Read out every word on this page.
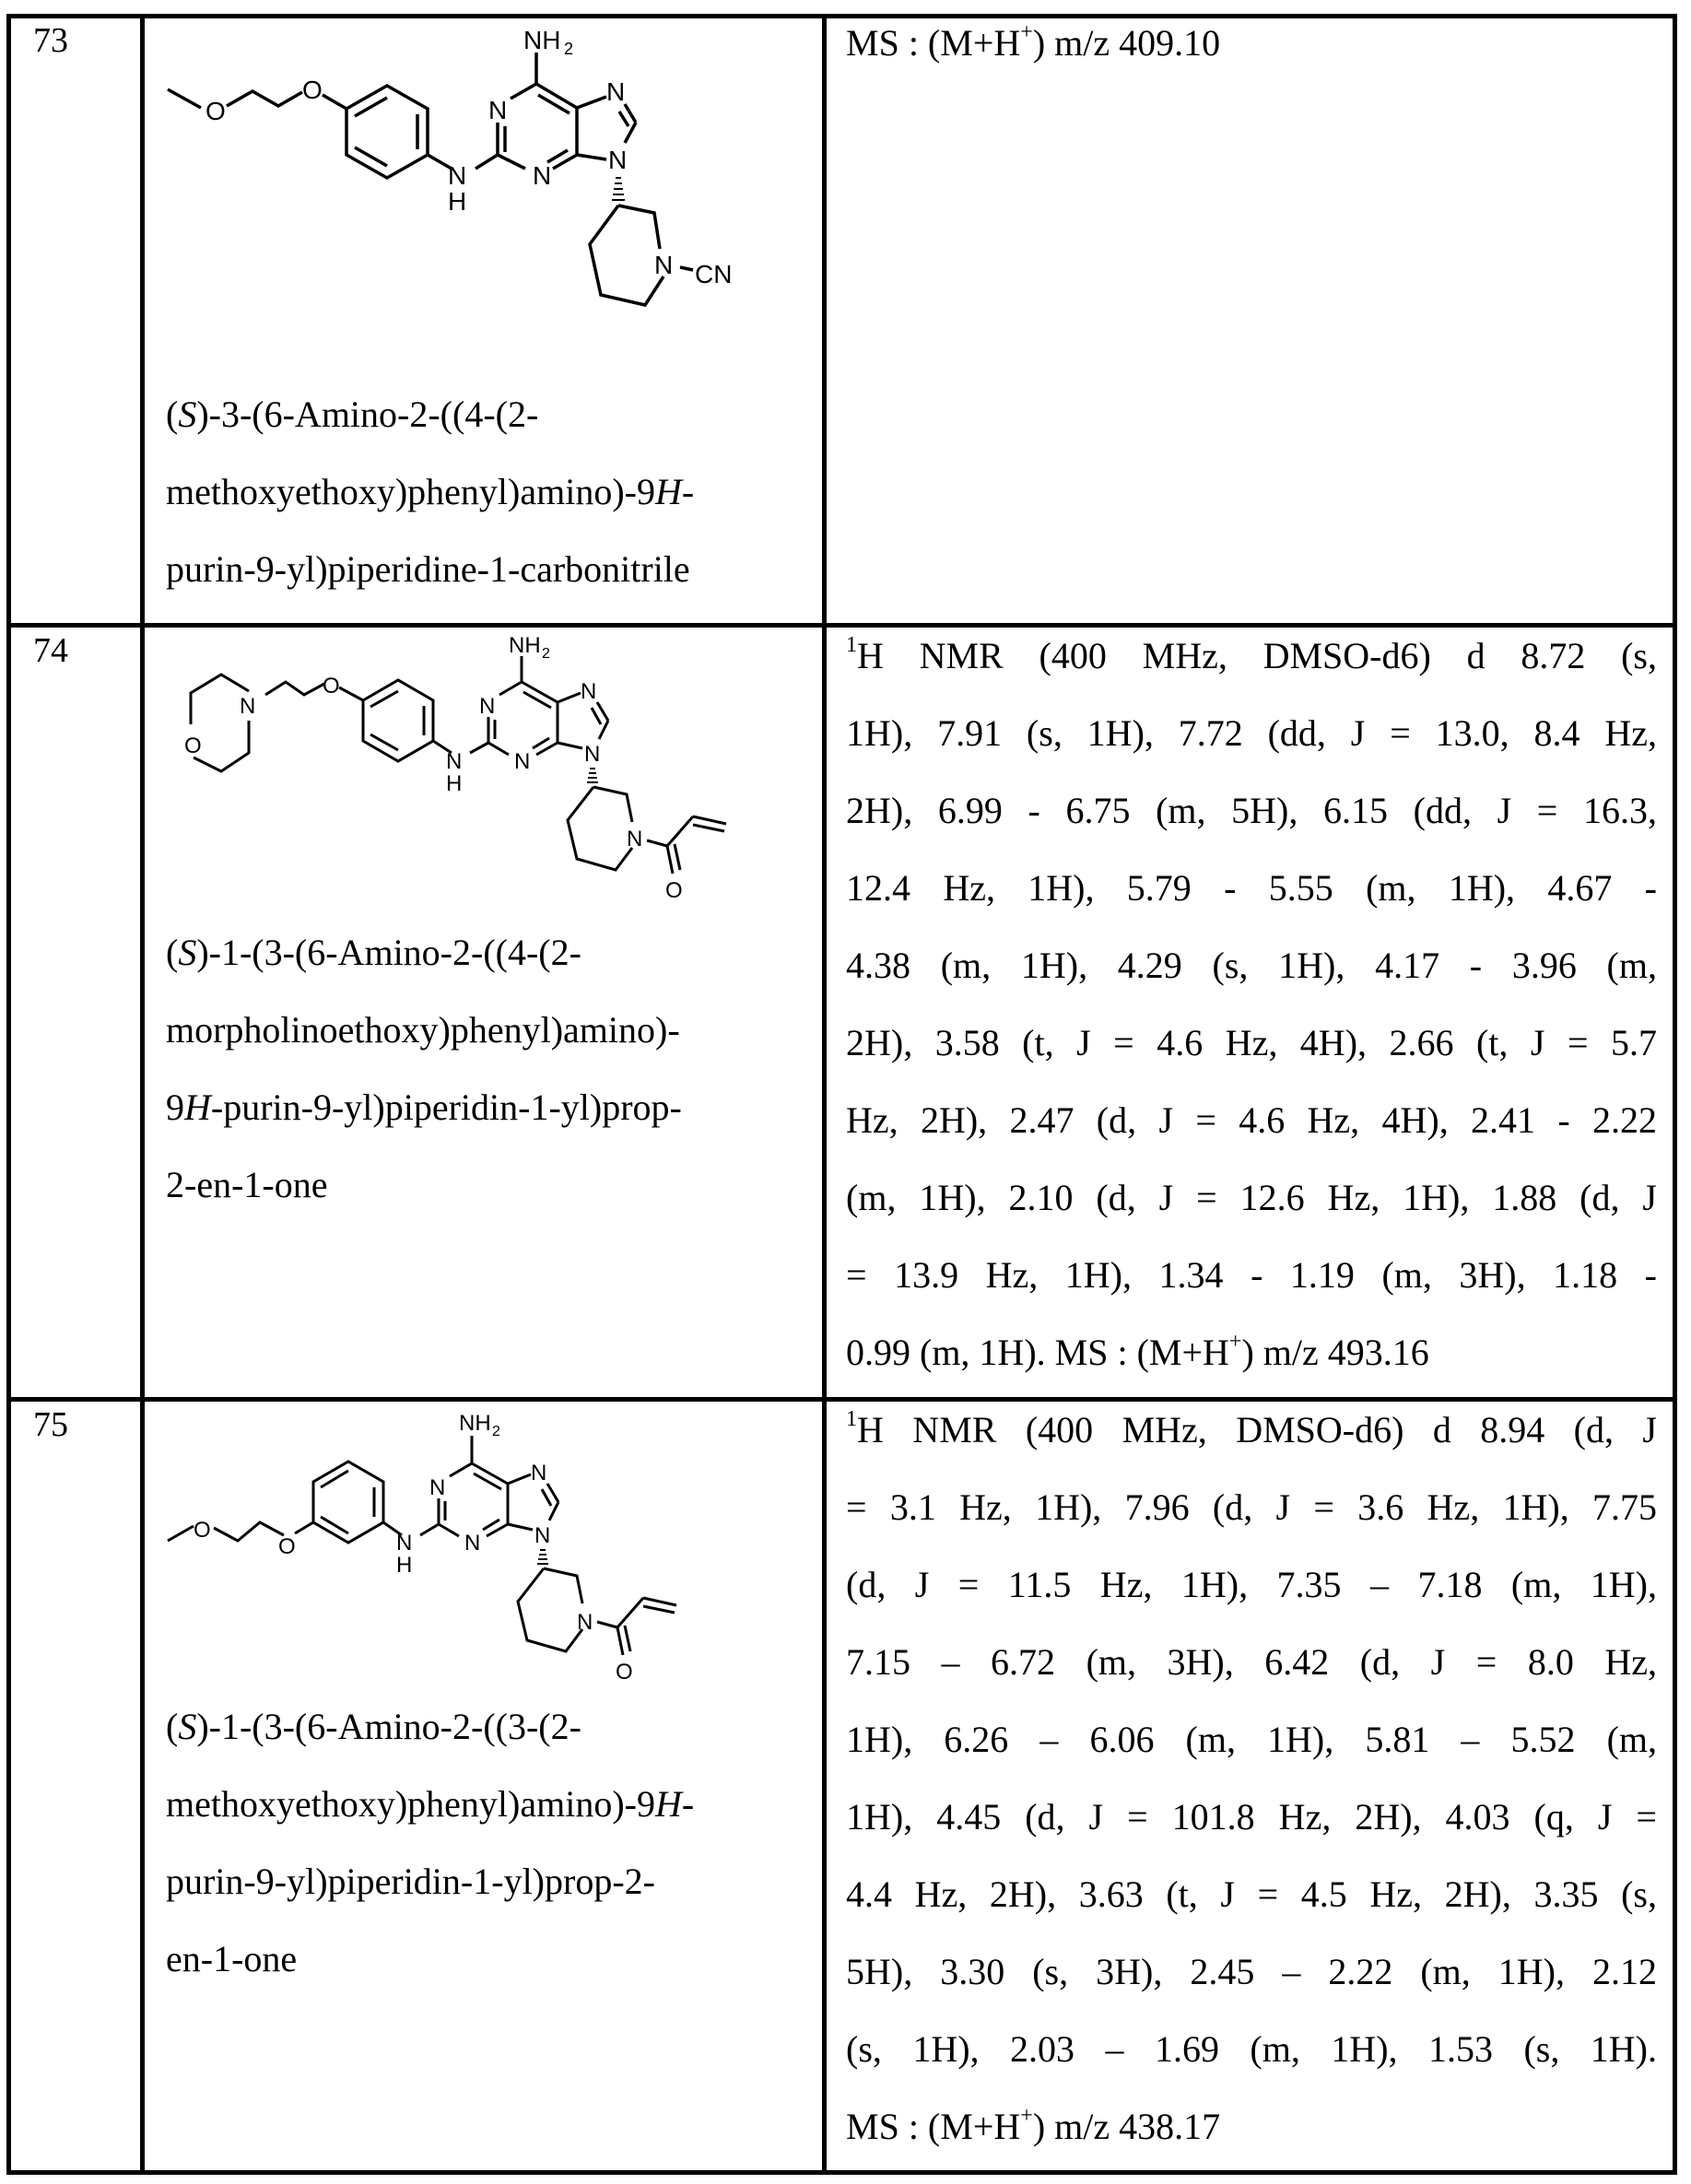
73
O
O
N
H
N
N
NH 2
N
N
N CN
(S)-3-(6-Amino-2-((4-(2-
methoxyethoxy)phenyl)amino)-9H-
purin-9-yl)piperidine-1-carbonitrile
MS : (M+H+) m/z 409.10
74
O
N
O
N
H
N
N
NH 2
N
N
N
O
(S)-1-(3-(6-Amino-2-((4-(2-
morpholinoethoxy)phenyl)amino)-
9H-purin-9-yl)piperidin-1-yl)prop-
2-en-1-one
$^1$H NMR (400 MHz, DMSO-d6) d 8.72 (s,
1H), 7.91 (s, 1H), 7.72 (dd, J = 13.0, 8.4 Hz,
2H), 6.99 - 6.75 (m, 5H), 6.15 (dd, J = 16.3,
12.4 Hz, 1H), 5.79 - 5.55 (m, 1H), 4.67 -
4.38 (m, 1H), 4.29 (s, 1H), 4.17 - 3.96 (m,
2H), 3.58 (t, J = 4.6 Hz, 4H), 2.66 (t, J = 5.7
Hz, 2H), 2.47 (d, J = 4.6 Hz, 4H), 2.41 - 2.22
(m, 1H), 2.10 (d, J = 12.6 Hz, 1H), 1.88 (d, J
= 13.9 Hz, 1H), 1.34 - 1.19 (m, 3H), 1.18 -
0.99 (m, 1H). MS : (M+H+) m/z 493.16
75
O
O	N
H
N
N
NH 2
N
N
N
O
(S)-1-(3-(6-Amino-2-((3-(2-
methoxyethoxy)phenyl)amino)-9H-
purin-9-yl)piperidin-1-yl)prop-2-
en-1-one
$^1$H NMR (400 MHz, DMSO-d6) d 8.94 (d, J
= 3.1 Hz, 1H), 7.96 (d, J = 3.6 Hz, 1H), 7.75
(d, J = 11.5 Hz, 1H), 7.35 – 7.18 (m, 1H),
7.15 – 6.72 (m, 3H), 6.42 (d, J = 8.0 Hz,
1H), 6.26 – 6.06 (m, 1H), 5.81 – 5.52 (m,
1H), 4.45 (d, J = 101.8 Hz, 2H), 4.03 (q, J =
4.4 Hz, 2H), 3.63 (t, J = 4.5 Hz, 2H), 3.35 (s,
5H), 3.30 (s, 3H), 2.45 – 2.22 (m, 1H), 2.12
(s, 1H), 2.03 – 1.69 (m, 1H), 1.53 (s, 1H).
MS : (M+H+) m/z 438.17
